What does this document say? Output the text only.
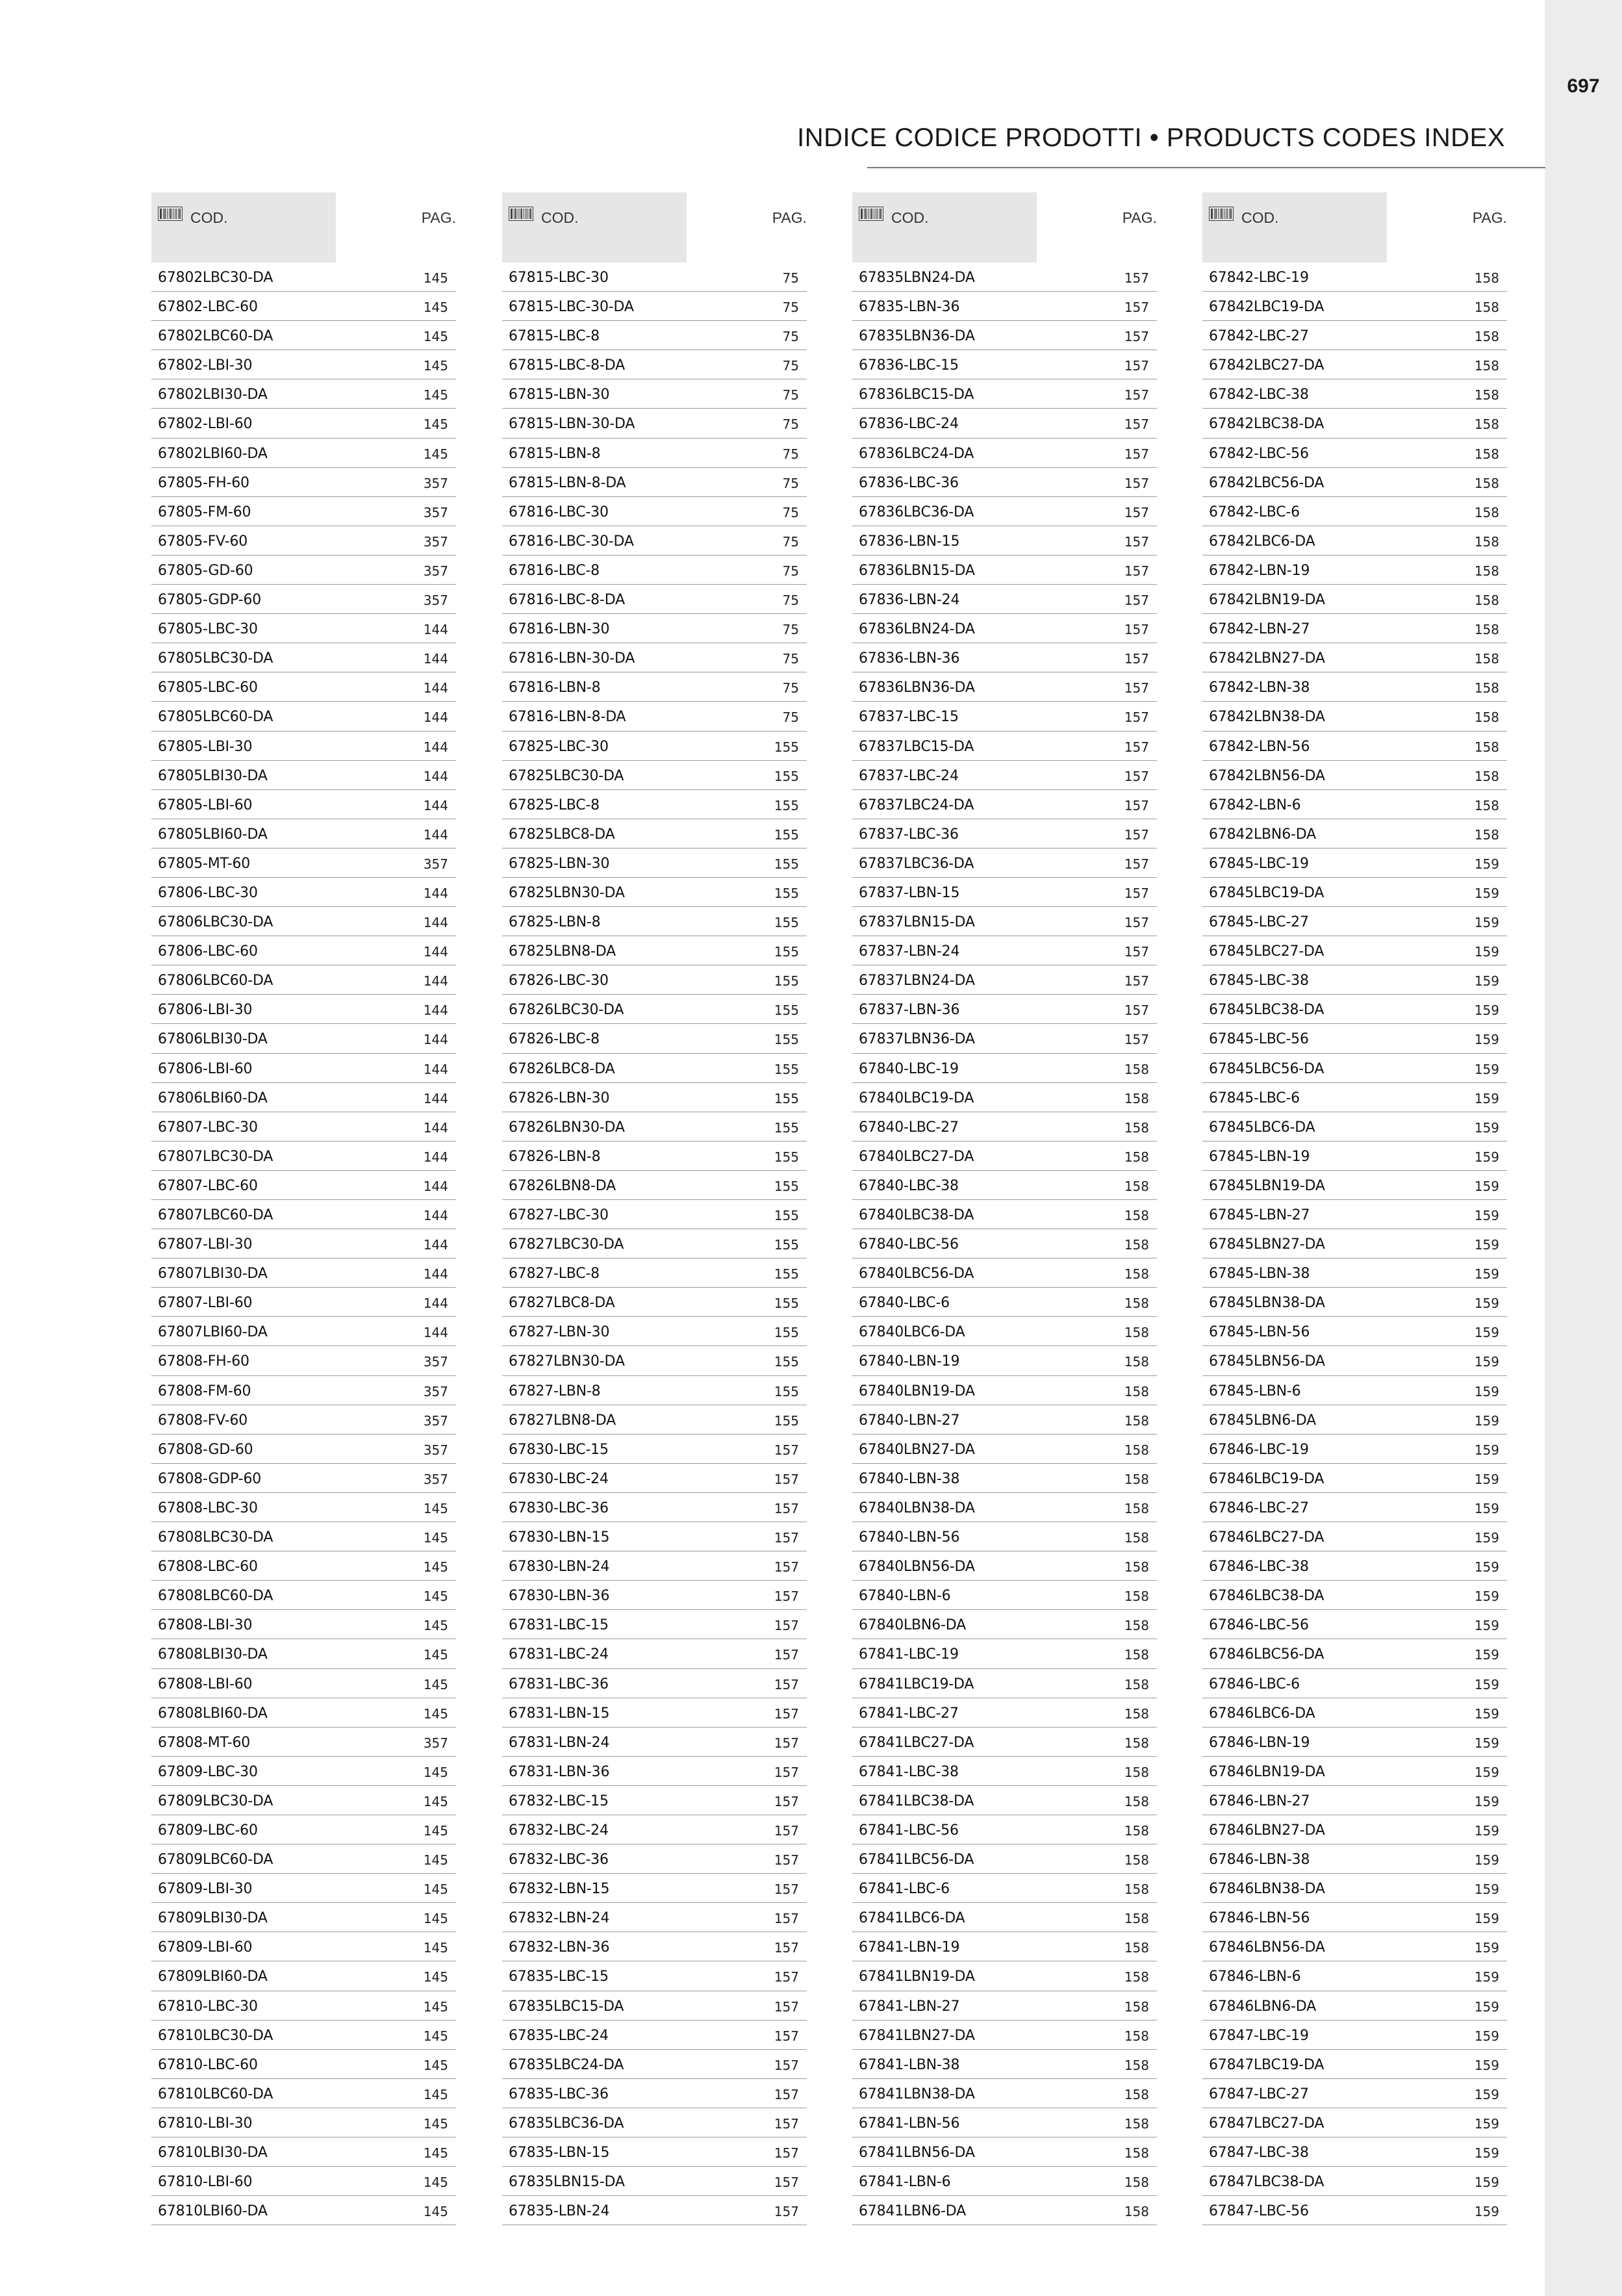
697
INDICE CODICE PRODOTTI • PRODUCTS CODES INDEX
COD.	PAG.
67802LBC30-DA	145
67802-LBC-60	145
67802LBC60-DA	145
67802-LBI-30	145
67802LBI30-DA	145
67802-LBI-60	145
67802LBI60-DA	145
67805-FH-60	357
67805-FM-60	357
67805-FV-60	357
67805-GD-60	357
67805-GDP-60	357
67805-LBC-30	144
67805LBC30-DA	144
67805-LBC-60	144
67805LBC60-DA	144
67805-LBI-30	144
67805LBI30-DA	144
67805-LBI-60	144
67805LBI60-DA	144
67805-MT-60	357
67806-LBC-30	144
67806LBC30-DA	144
67806-LBC-60	144
67806LBC60-DA	144
67806-LBI-30	144
67806LBI30-DA	144
67806-LBI-60	144
67806LBI60-DA	144
67807-LBC-30	144
67807LBC30-DA	144
67807-LBC-60	144
67807LBC60-DA	144
67807-LBI-30	144
67807LBI30-DA	144
67807-LBI-60	144
67807LBI60-DA	144
67808-FH-60	357
67808-FM-60	357
67808-FV-60	357
67808-GD-60	357
67808-GDP-60	357
67808-LBC-30	145
67808LBC30-DA	145
67808-LBC-60	145
67808LBC60-DA	145
67808-LBI-30	145
67808LBI30-DA	145
67808-LBI-60	145
67808LBI60-DA	145
67808-MT-60	357
67809-LBC-30	145
67809LBC30-DA	145
67809-LBC-60	145
67809LBC60-DA	145
67809-LBI-30	145
67809LBI30-DA	145
67809-LBI-60	145
67809LBI60-DA	145
67810-LBC-30	145
67810LBC30-DA	145
67810-LBC-60	145
67810LBC60-DA	145
67810-LBI-30	145
67810LBI30-DA	145
67810-LBI-60	145
67810LBI60-DA	145
COD.	PAG.
67815-LBC-30	75
67815-LBC-30-DA	75
67815-LBC-8	75
67815-LBC-8-DA	75
67815-LBN-30	75
67815-LBN-30-DA	75
67815-LBN-8	75
67815-LBN-8-DA	75
67816-LBC-30	75
67816-LBC-30-DA	75
67816-LBC-8	75
67816-LBC-8-DA	75
67816-LBN-30	75
67816-LBN-30-DA	75
67816-LBN-8	75
67816-LBN-8-DA	75
67825-LBC-30	155
67825LBC30-DA	155
67825-LBC-8	155
67825LBC8-DA	155
67825-LBN-30	155
67825LBN30-DA	155
67825-LBN-8	155
67825LBN8-DA	155
67826-LBC-30	155
67826LBC30-DA	155
67826-LBC-8	155
67826LBC8-DA	155
67826-LBN-30	155
67826LBN30-DA	155
67826-LBN-8	155
67826LBN8-DA	155
67827-LBC-30	155
67827LBC30-DA	155
67827-LBC-8	155
67827LBC8-DA	155
67827-LBN-30	155
67827LBN30-DA	155
67827-LBN-8	155
67827LBN8-DA	155
67830-LBC-15	157
67830-LBC-24	157
67830-LBC-36	157
67830-LBN-15	157
67830-LBN-24	157
67830-LBN-36	157
67831-LBC-15	157
67831-LBC-24	157
67831-LBC-36	157
67831-LBN-15	157
67831-LBN-24	157
67831-LBN-36	157
67832-LBC-15	157
67832-LBC-24	157
67832-LBC-36	157
67832-LBN-15	157
67832-LBN-24	157
67832-LBN-36	157
67835-LBC-15	157
67835LBC15-DA	157
67835-LBC-24	157
67835LBC24-DA	157
67835-LBC-36	157
67835LBC36-DA	157
67835-LBN-15	157
67835LBN15-DA	157
67835-LBN-24	157
COD.	PAG.
67835LBN24-DA	157
67835-LBN-36	157
67835LBN36-DA	157
67836-LBC-15	157
67836LBC15-DA	157
67836-LBC-24	157
67836LBC24-DA	157
67836-LBC-36	157
67836LBC36-DA	157
67836-LBN-15	157
67836LBN15-DA	157
67836-LBN-24	157
67836LBN24-DA	157
67836-LBN-36	157
67836LBN36-DA	157
67837-LBC-15	157
67837LBC15-DA	157
67837-LBC-24	157
67837LBC24-DA	157
67837-LBC-36	157
67837LBC36-DA	157
67837-LBN-15	157
67837LBN15-DA	157
67837-LBN-24	157
67837LBN24-DA	157
67837-LBN-36	157
67837LBN36-DA	157
67840-LBC-19	158
67840LBC19-DA	158
67840-LBC-27	158
67840LBC27-DA	158
67840-LBC-38	158
67840LBC38-DA	158
67840-LBC-56	158
67840LBC56-DA	158
67840-LBC-6	158
67840LBC6-DA	158
67840-LBN-19	158
67840LBN19-DA	158
67840-LBN-27	158
67840LBN27-DA	158
67840-LBN-38	158
67840LBN38-DA	158
67840-LBN-56	158
67840LBN56-DA	158
67840-LBN-6	158
67840LBN6-DA	158
67841-LBC-19	158
67841LBC19-DA	158
67841-LBC-27	158
67841LBC27-DA	158
67841-LBC-38	158
67841LBC38-DA	158
67841-LBC-56	158
67841LBC56-DA	158
67841-LBC-6	158
67841LBC6-DA	158
67841-LBN-19	158
67841LBN19-DA	158
67841-LBN-27	158
67841LBN27-DA	158
67841-LBN-38	158
67841LBN38-DA	158
67841-LBN-56	158
67841LBN56-DA	158
67841-LBN-6	158
67841LBN6-DA	158
COD.	PAG.
67842-LBC-19	158
67842LBC19-DA	158
67842-LBC-27	158
67842LBC27-DA	158
67842-LBC-38	158
67842LBC38-DA	158
67842-LBC-56	158
67842LBC56-DA	158
67842-LBC-6	158
67842LBC6-DA	158
67842-LBN-19	158
67842LBN19-DA	158
67842-LBN-27	158
67842LBN27-DA	158
67842-LBN-38	158
67842LBN38-DA	158
67842-LBN-56	158
67842LBN56-DA	158
67842-LBN-6	158
67842LBN6-DA	158
67845-LBC-19	159
67845LBC19-DA	159
67845-LBC-27	159
67845LBC27-DA	159
67845-LBC-38	159
67845LBC38-DA	159
67845-LBC-56	159
67845LBC56-DA	159
67845-LBC-6	159
67845LBC6-DA	159
67845-LBN-19	159
67845LBN19-DA	159
67845-LBN-27	159
67845LBN27-DA	159
67845-LBN-38	159
67845LBN38-DA	159
67845-LBN-56	159
67845LBN56-DA	159
67845-LBN-6	159
67845LBN6-DA	159
67846-LBC-19	159
67846LBC19-DA	159
67846-LBC-27	159
67846LBC27-DA	159
67846-LBC-38	159
67846LBC38-DA	159
67846-LBC-56	159
67846LBC56-DA	159
67846-LBC-6	159
67846LBC6-DA	159
67846-LBN-19	159
67846LBN19-DA	159
67846-LBN-27	159
67846LBN27-DA	159
67846-LBN-38	159
67846LBN38-DA	159
67846-LBN-56	159
67846LBN56-DA	159
67846-LBN-6	159
67846LBN6-DA	159
67847-LBC-19	159
67847LBC19-DA	159
67847-LBC-27	159
67847LBC27-DA	159
67847-LBC-38	159
67847LBC38-DA	159
67847-LBC-56	159
